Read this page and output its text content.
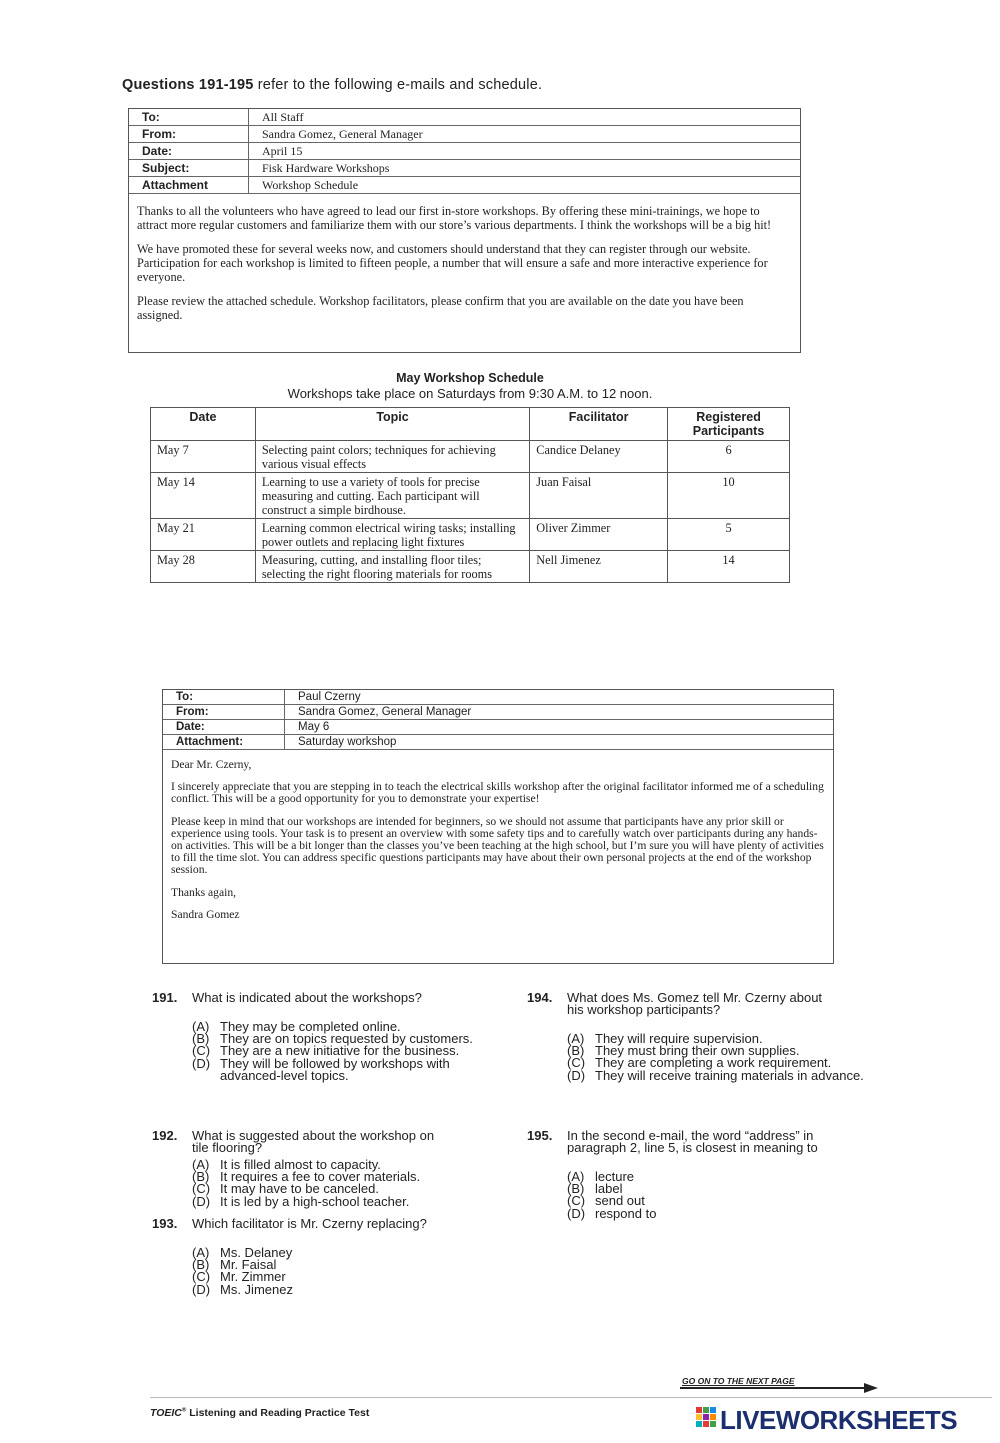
Questions 191-195 refer to the following e-mails and schedule.
To:	All Staff
From:	Sandra Gomez, General Manager
Date:	April 15
Subject:	Fisk Hardware Workshops
Attachment	Workshop Schedule

Thanks to all the volunteers who have agreed to lead our first in-store workshops. By offering these mini-trainings, we hope to attract more regular customers and familiarize them with our store’s various departments. I think the workshops will be a big hit!

We have promoted these for several weeks now, and customers should understand that they can register through our website. Participation for each workshop is limited to fifteen people, a number that will ensure a safe and more interactive experience for everyone.

Please review the attached schedule. Workshop facilitators, please confirm that you are available on the date you have been assigned.

May Workshop Schedule
Workshops take place on Saturdays from 9:30 A.M. to 12 noon.
Date	Topic	Facilitator	Registered Participants
May 7	Selecting paint colors; techniques for achieving various visual effects	Candice Delaney	6
May 14	Learning to use a variety of tools for precise measuring and cutting. Each participant will construct a simple birdhouse.	Juan Faisal	10
May 21	Learning common electrical wiring tasks; installing power outlets and replacing light fixtures	Oliver Zimmer	5
May 28	Measuring, cutting, and installing floor tiles; selecting the right flooring materials for rooms	Nell Jimenez	14
To:	Paul Czerny
From:	Sandra Gomez, General Manager
Date:	May 6
Attachment:	Saturday workshop

Dear Mr. Czerny,

I sincerely appreciate that you are stepping in to teach the electrical skills workshop after the original facilitator informed me of a scheduling conflict. This will be a good opportunity for you to demonstrate your expertise!

Please keep in mind that our workshops are intended for beginners, so we should not assume that participants have any prior skill or experience using tools. Your task is to present an overview with some safety tips and to carefully watch over participants during any hands-on activities. This will be a bit longer than the classes you’ve been teaching at the high school, but I’m sure you will have plenty of activities to fill the time slot. You can address specific questions participants may have about their own personal projects at the end of the workshop session.

Thanks again,

Sandra Gomez

191. What is indicated about the workshops?
(A) They may be completed online.
(B) They are on topics requested by customers.
(C) They are a new initiative for the business.
(D) They will be followed by workshops with advanced-level topics.
192. What is suggested about the workshop on tile flooring?
(A) It is filled almost to capacity.
(B) It requires a fee to cover materials.
(C) It may have to be canceled.
(D) It is led by a high-school teacher.
193. Which facilitator is Mr. Czerny replacing?
(A) Ms. Delaney
(B) Mr. Faisal
(C) Mr. Zimmer
(D) Ms. Jimenez
194. What does Ms. Gomez tell Mr. Czerny about his workshop participants?
(A) They will require supervision.
(B) They must bring their own supplies.
(C) They are completing a work requirement.
(D) They will receive training materials in advance.
195. In the second e-mail, the word “address” in paragraph 2, line 5, is closest in meaning to
(A) lecture
(B) label
(C) send out
(D) respond to
GO ON TO THE NEXT PAGE
TOEIC® Listening and Reading Practice Test	LIVEWORKSHEETS
